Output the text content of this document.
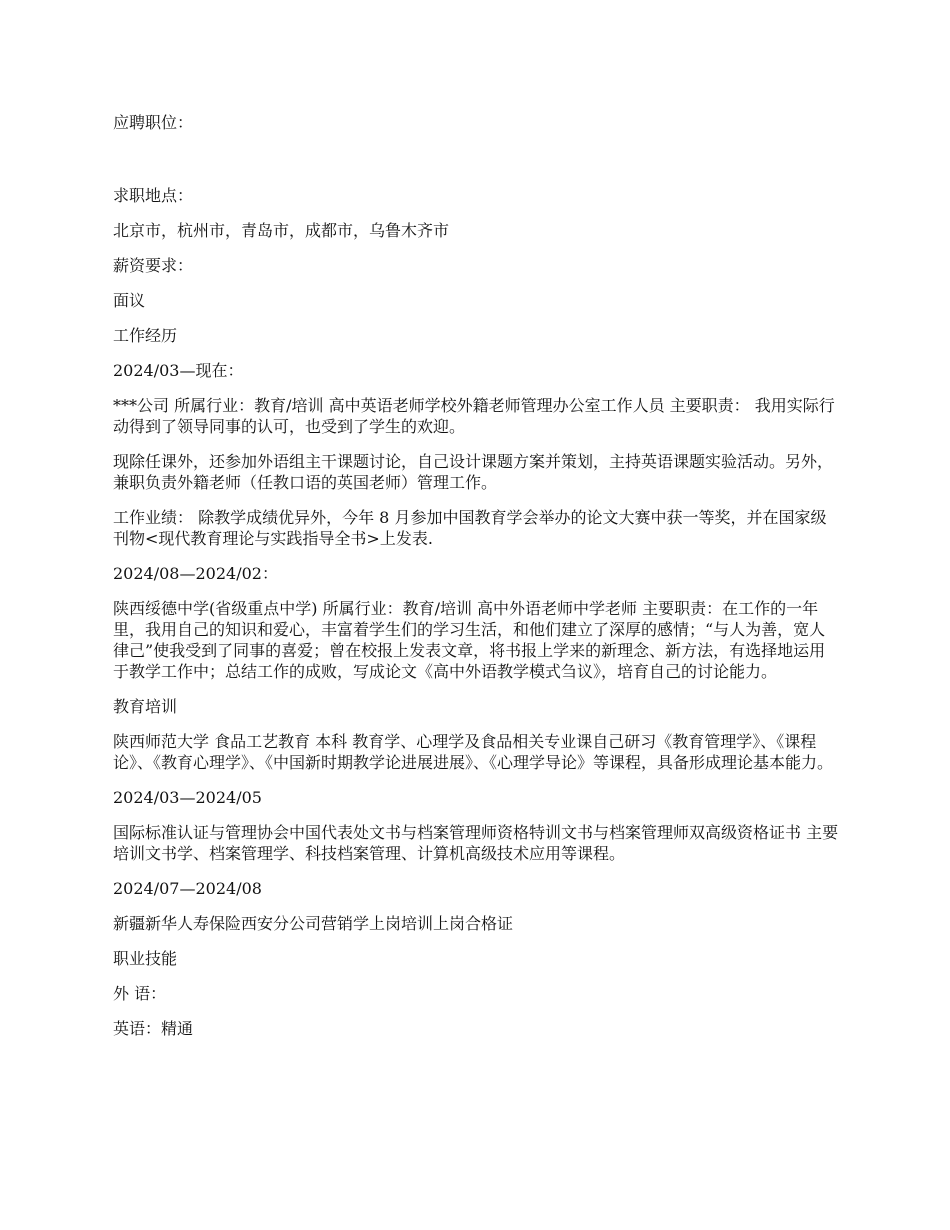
应聘职位：

求职地点：

北京市，杭州市，青岛市，成都市，乌鲁木齐市

薪资要求：

面议

工作经历

2024/03—现在：

***公司 所属行业：教育/培训 高中英语老师学校外籍老师管理办公室工作人员 主要职责： 我用实际行动得到了领导同事的认可，也受到了学生的欢迎。

现除任课外，还参加外语组主干课题讨论，自己设计课题方案并策划，主持英语课题实验活动。另外，兼职负责外籍老师（任教口语的英国老师）管理工作。

工作业绩： 除教学成绩优异外，今年 8 月参加中国教育学会举办的论文大赛中获一等奖，并在国家级刊物<现代教育理论与实践指导全书>上发表.

2024/08—2024/02：

陕西绥德中学(省级重点中学) 所属行业：教育/培训 高中外语老师中学老师 主要职责：在工作的一年里，我用自己的知识和爱心，丰富着学生们的学习生活，和他们建立了深厚的感情；“与人为善，宽人律己”使我受到了同事的喜爱；曾在校报上发表文章，将书报上学来的新理念、新方法，有选择地运用于教学工作中；总结工作的成败，写成论文《高中外语教学模式刍议》，培育自己的讨论能力。

教育培训

陕西师范大学 食品工艺教育 本科 教育学、心理学及食品相关专业课自己研习《教育管理学》、《课程论》、《教育心理学》、《中国新时期教学论进展进展》、《心理学导论》等课程，具备形成理论基本能力。

2024/03—2024/05

国际标准认证与管理协会中国代表处文书与档案管理师资格特训文书与档案管理师双高级资格证书 主要培训文书学、档案管理学、科技档案管理、计算机高级技术应用等课程。

2024/07—2024/08

新疆新华人寿保险西安分公司营销学上岗培训上岗合格证

职业技能

外 语：

英语：精通
